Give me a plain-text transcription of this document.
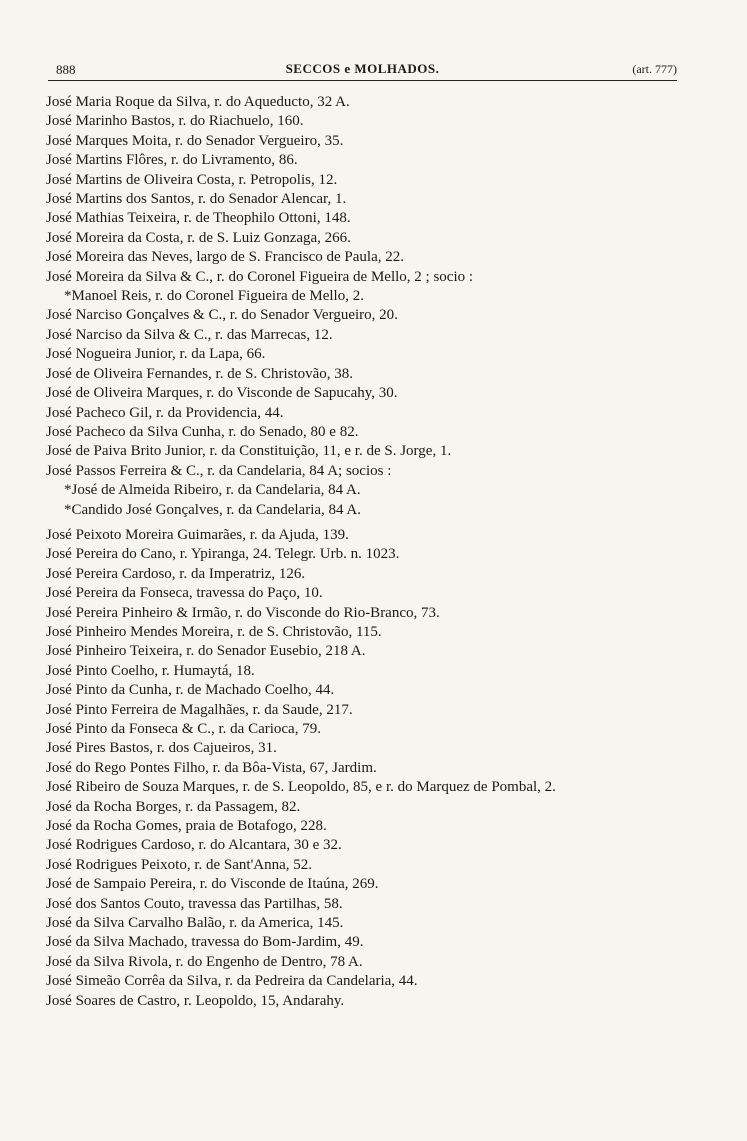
888	SECCOS e MOLHADOS.	(art. 777)
José Maria Roque da Silva, r. do Aqueducto, 32 A.
José Marinho Bastos, r. do Riachuelo, 160.
José Marques Moita, r. do Senador Vergueiro, 35.
José Martins Flôres, r. do Livramento, 86.
José Martins de Oliveira Costa, r. Petropolis, 12.
José Martins dos Santos, r. do Senador Alencar, 1.
José Mathias Teixeira, r. de Theophilo Ottoni, 148.
José Moreira da Costa, r. de S. Luiz Gonzaga, 266.
José Moreira das Neves, largo de S. Francisco de Paula, 22.
José Moreira da Silva & C., r. do Coronel Figueira de Mello, 2 ; socio :
*Manoel Reis, r. do Coronel Figueira de Mello, 2.
José Narciso Gonçalves & C., r. do Senador Vergueiro, 20.
José Narciso da Silva & C., r. das Marrecas, 12.
José Nogueira Junior, r. da Lapa, 66.
José de Oliveira Fernandes, r. de S. Christovão, 38.
José de Oliveira Marques, r. do Visconde de Sapucahy, 30.
José Pacheco Gil, r. da Providencia, 44.
José Pacheco da Silva Cunha, r. do Senado, 80 e 82.
José de Paiva Brito Junior, r. da Constituição, 11, e r. de S. Jorge, 1.
José Passos Ferreira & C., r. da Candelaria, 84 A; socios :
*José de Almeida Ribeiro, r. da Candelaria, 84 A.
*Candido José Gonçalves, r. da Candelaria, 84 A.
José Peixoto Moreira Guimarães, r. da Ajuda, 139.
José Pereira do Cano, r. Ypiranga, 24. Telegr. Urb. n. 1023.
José Pereira Cardoso, r. da Imperatriz, 126.
José Pereira da Fonseca, travessa do Paço, 10.
José Pereira Pinheiro & Irmão, r. do Visconde do Rio-Branco, 73.
José Pinheiro Mendes Moreira, r. de S. Christovão, 115.
José Pinheiro Teixeira, r. do Senador Eusebio, 218 A.
José Pinto Coelho, r. Humaytá, 18.
José Pinto da Cunha, r. de Machado Coelho, 44.
José Pinto Ferreira de Magalhães, r. da Saude, 217.
José Pinto da Fonseca & C., r. da Carioca, 79.
José Pires Bastos, r. dos Cajueiros, 31.
José do Rego Pontes Filho, r. da Bôa-Vista, 67, Jardim.
José Ribeiro de Souza Marques, r. de S. Leopoldo, 85, e r. do Marquez de Pombal, 2.
José da Rocha Borges, r. da Passagem, 82.
José da Rocha Gomes, praia de Botafogo, 228.
José Rodrigues Cardoso, r. do Alcantara, 30 e 32.
José Rodrigues Peixoto, r. de Sant'Anna, 52.
José de Sampaio Pereira, r. do Visconde de Itaúna, 269.
José dos Santos Couto, travessa das Partilhas, 58.
José da Silva Carvalho Balão, r. da America, 145.
José da Silva Machado, travessa do Bom-Jardim, 49.
José da Silva Rivola, r. do Engenho de Dentro, 78 A.
José Simeão Corrêa da Silva, r. da Pedreira da Candelaria, 44.
José Soares de Castro, r. Leopoldo, 15, Andarahy.
